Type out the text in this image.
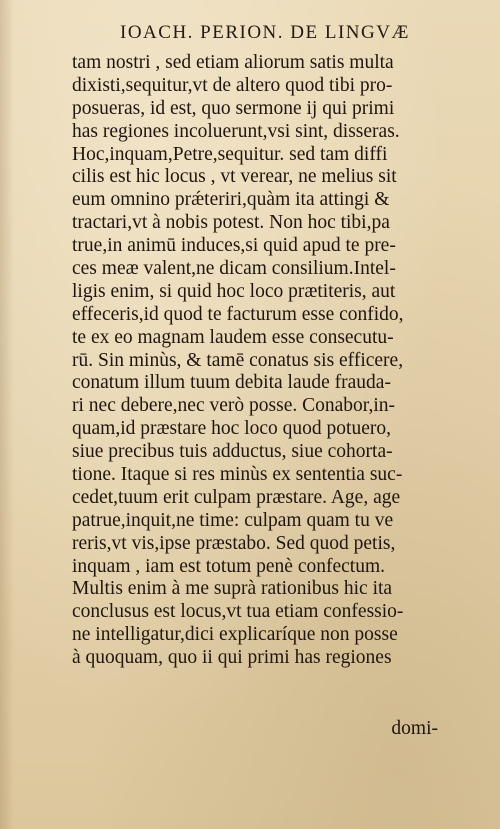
IOACH. PERION. DE LINGVÆ
tam nostri , sed etiam aliorum satis multa
dixisti,sequitur,vt de altero quod tibi pro-
posueras, id est, quo sermone ij qui primi
has regiones incoluerunt,vsi sint, disseras.
Hoc,inquam,Petre,sequitur. sed tam diffi
cilis est hic locus , vt verear, ne melius sit
eum omnino prǽteriri,quàm ita attingi &
tractari,vt à nobis potest. Non hoc tibi,pa
true,in animū induces,si quid apud te pre-
ces meæ valent,ne dicam consilium.Intel-
ligis enim, si quid hoc loco prætiteris, aut
effeceris,id quod te facturum esse confido,
te ex eo magnam laudem esse consecutu-
rū. Sin minùs, & tamē conatus sis efficere,
conatum illum tuum debita laude frauda-
ri nec debere,nec verò posse. Conabor,in-
quam,id præstare hoc loco quod potuero,
siue precibus tuis adductus, siue cohorta-
tione. Itaque si res minùs ex sententia suc-
cedet,tuum erit culpam præstare. Age, age
patrue,inquit,ne time: culpam quam tu ve
reris,vt vis,ipse præstabo. Sed quod petis,
inquam , iam est totum penè confectum.
Multis enim à me suprà rationibus hic ita
conclusus est locus,vt tua etiam confessio-
ne intelligatur,dici explicaríque non posse
à quoquam, quo ii qui primi has regiones
domi-
